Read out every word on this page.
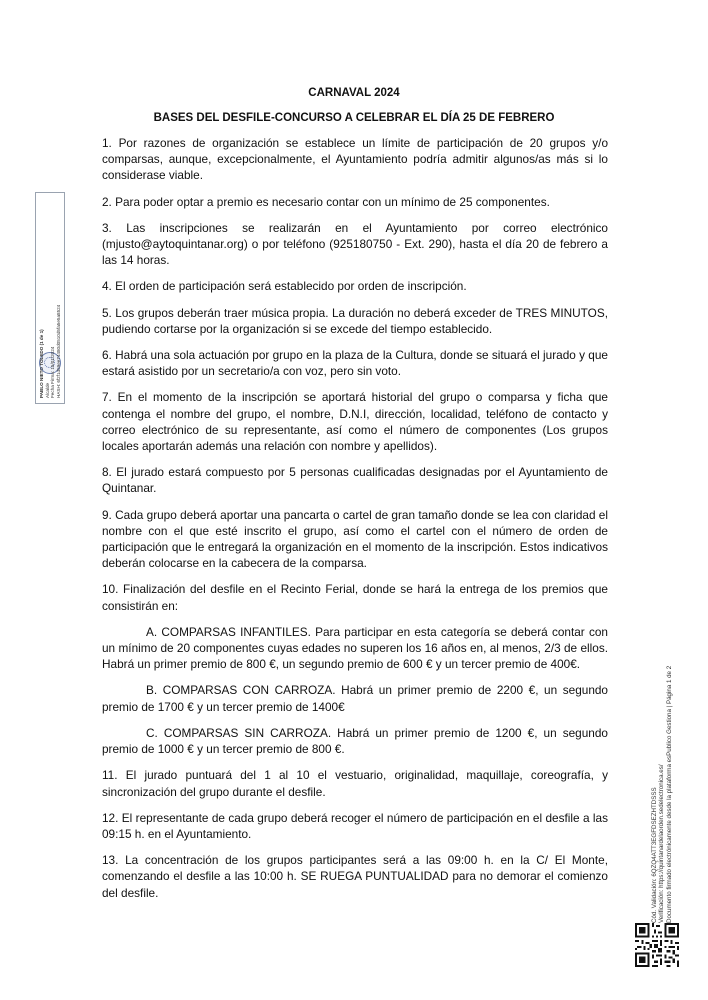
CARNAVAL 2024
BASES DEL DESFILE-CONCURSO A CELEBRAR EL DÍA 25 DE FEBRERO

1. Por razones de organización se establece un límite de participación de 20 grupos y/o comparsas, aunque, excepcionalmente, el Ayuntamiento podría admitir algunos/as más si lo considerase viable.

2. Para poder optar a premio es necesario contar con un mínimo de 25 componentes.

3. Las inscripciones se realizarán en el Ayuntamiento por correo electrónico (mjusto@aytoquintanar.org) o por teléfono (925180750 - Ext. 290), hasta el día 20 de febrero a las 14 horas.

4. El orden de participación será establecido por orden de inscripción.

5. Los grupos deberán traer música propia. La duración no deberá exceder de TRES MINUTOS, pudiendo cortarse por la organización si se excede del tiempo establecido.

6. Habrá una sola actuación por grupo en la plaza de la Cultura, donde se situará el jurado y que estará asistido por un secretario/a con voz, pero sin voto.

7. En el momento de la inscripción se aportará historial del grupo o comparsa y ficha que contenga el nombre del grupo, el nombre, D.N.I, dirección, localidad, teléfono de contacto y correo electrónico de su representante, así como el número de componentes (Los grupos locales aportarán además una relación con nombre y apellidos).

8. El jurado estará compuesto por 5 personas cualificadas designadas por el Ayuntamiento de Quintanar.

9. Cada grupo deberá aportar una pancarta o cartel de gran tamaño donde se lea con claridad el nombre con el que esté inscrito el grupo, así como el cartel con el número de orden de participación que le entregará la organización en el momento de la inscripción. Estos indicativos deberán colocarse en la cabecera de la comparsa.

10. Finalización del desfile en el Recinto Ferial, donde se hará la entrega de los premios que consistirán en:

A. COMPARSAS INFANTILES. Para participar en esta categoría se deberá contar con un mínimo de 20 componentes cuyas edades no superen los 16 años en, al menos, 2/3 de ellos. Habrá un primer premio de 800 €, un segundo premio de 600 € y un tercer premio de 400€.

B. COMPARSAS CON CARROZA. Habrá un primer premio de 2200 €, un segundo premio de 1700 € y un tercer premio de 1400€

C. COMPARSAS SIN CARROZA. Habrá un primer premio de 1200 €, un segundo premio de 1000 € y un tercer premio de 800 €.

11. El jurado puntuará del 1 al 10 el vestuario, originalidad, maquillaje, coreografía, y sincronización del grupo durante el desfile.

12. El representante de cada grupo deberá recoger el número de participación en el desfile a las 09:15 h. en el Ayuntamiento.

13. La concentración de los grupos participantes será a las 09:00 h. en la C/ El Monte, comenzando el desfile a las 10:00 h. SE RUEGA PUNTUALIDAD para no demorar el comienzo del desfile.

PABLO NIETO TOLEDO (1 de 1) Alcalde Fecha Firma: 15/01/2024 HASH: 6f2f1d59ee74480d0510d5fa5e5a8524
Cód. Validación: 6QZQ4ATT3EGFDSEZHTDSSS Verificación: https://quintanardelaorden.sedelectronica.es/ Documento firmado electrónicamente desde la plataforma esPublico Gestiona | Página 1 de 2
